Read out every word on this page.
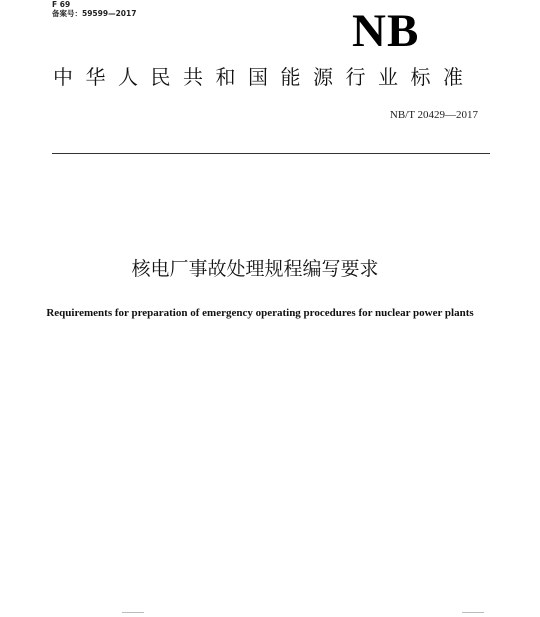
F 69
备案号：59599—2017	NB
中华人民共和国能源行业标准
NB/T 20429—2017
核电厂事故处理规程编写要求
Requirements for preparation of emergency operating procedures for nuclear power plants
